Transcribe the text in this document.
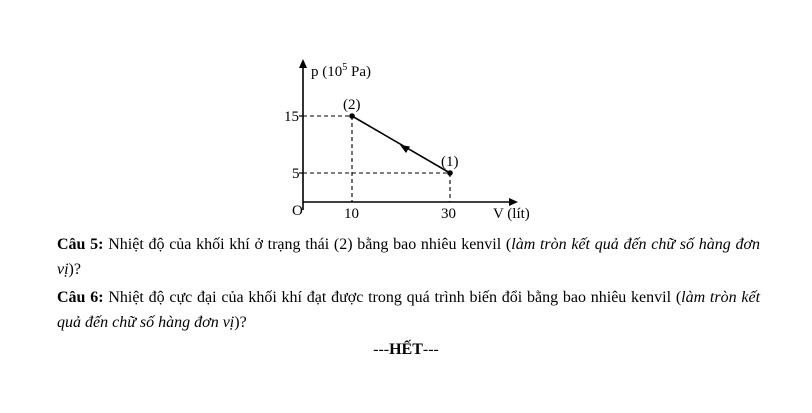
p ($10^5$ Pa)
15
5
O	10	30 V (lít)
(2)
(1)

Câu 5: Nhiệt độ của khối khí ở trạng thái (2) bằng bao nhiêu kenvil (làm tròn kết quả đến chữ số hàng đơn vị)?

Câu 6: Nhiệt độ cực đại của khối khí đạt được trong quá trình biến đổi bằng bao nhiêu kenvil (làm tròn kết quả đến chữ số hàng đơn vị)?

---HẾT---
